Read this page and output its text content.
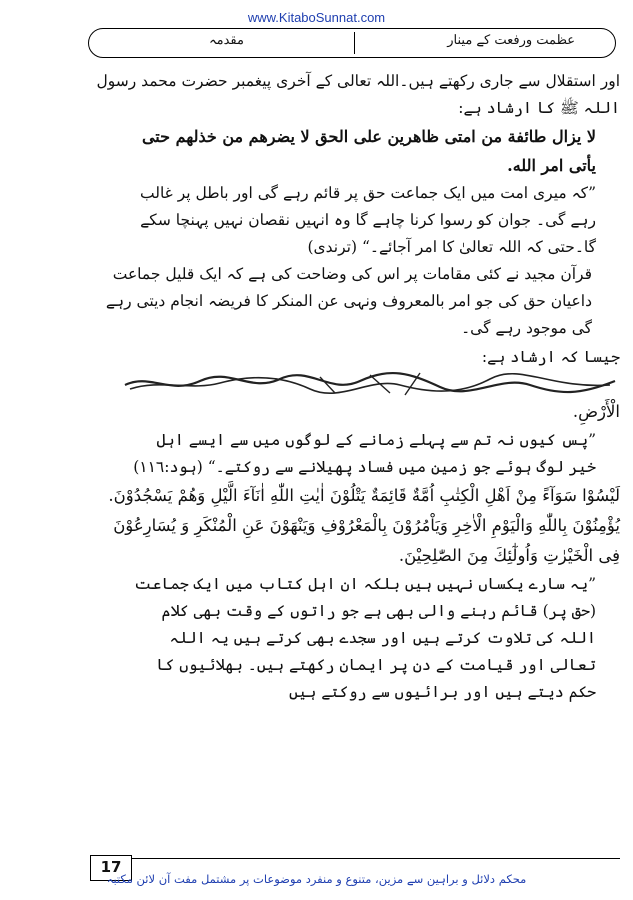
www.KitaboSunnat.com
عظمت ورفعت کے مینار
مقدمہ

اور استقلال سے جاری رکھتے ہیں۔اللہ تعالی کے آخری پیغمبر حضرت محمد رسول

اللہ ﷺ کا ارشاد ہے:

لا يزال طائفة من امتى ظاهرين على الحق لا يضرهم من خذلهم حتى يأتى امر الله.

”کہ میری امت میں ایک جماعت حق پر قائم رہے گی اور باطل پر غالب رہے گی۔ جوان کو رسوا کرنا چاہے گا وہ انہیں نقصان نہیں پہنچا سکے گا۔حتی کہ اللہ تعالیٰ کا امر آجائے۔“ (ترندی)

قرآن مجید نے کئی مقامات پر اس کی وضاحت کی ہے کہ ایک قلیل جماعت داعیان حق کی جو امر بالمعروف ونہی عن المنکر کا فریضہ انجام دیتی رہے گی موجود رہے گی۔

جیسا کہ ارشاد ہے:

الْأَرْضِ.

”پس کیوں نہ تم سے پہلے زمانے کے لوگوں میں سے ایسے اہل خیر لوگ ہوئے جو زمین میں فساد پھیلانے سے روکتے۔“ (ہود:١١٦)

لَيْسُوْا سَوَآءً مِنْ اَهْلِ الْكِتٰبِ اُمَّةٌ قَائِمَةٌ يَتْلُوْنَ اٰيٰتِ اللّٰهِ اٰنَآءَ الَّيْلِ وَهُمْ يَسْجُدُوْنَ. يُؤْمِنُوْنَ بِاللّٰهِ وَالْيَوْمِ الْاٰخِرِ وَيَاْمُرُوْنَ بِالْمَعْرُوْفِ وَيَنْهَوْنَ عَنِ الْمُنْكَرِ وَ يُسَارِعُوْنَ فِى الْخَيْرٰتِ وَاُولٰٓئِكَ مِنَ الصّٰلِحِيْنَ.

”یہ سارے یکساں نہیں ہیں بلکہ ان اہل کتاب میں ایک جماعت (حق پر) قائم رہنے والی بھی ہے جو راتوں کے وقت بھی کلام اللہ کی تلاوت کرتے ہیں اور سجدے بھی کرتے ہیں یہ اللہ تعالی اور قیامت کے دن پر ایمان رکھتے ہیں۔ بھلائیوں کا حکم دیتے ہیں اور برائیوں سے روکتے ہیں

17
محکم دلائل و براہین سے مزین، متنوع و منفرد موضوعات پر مشتمل مفت آن لائن مکتبہ
